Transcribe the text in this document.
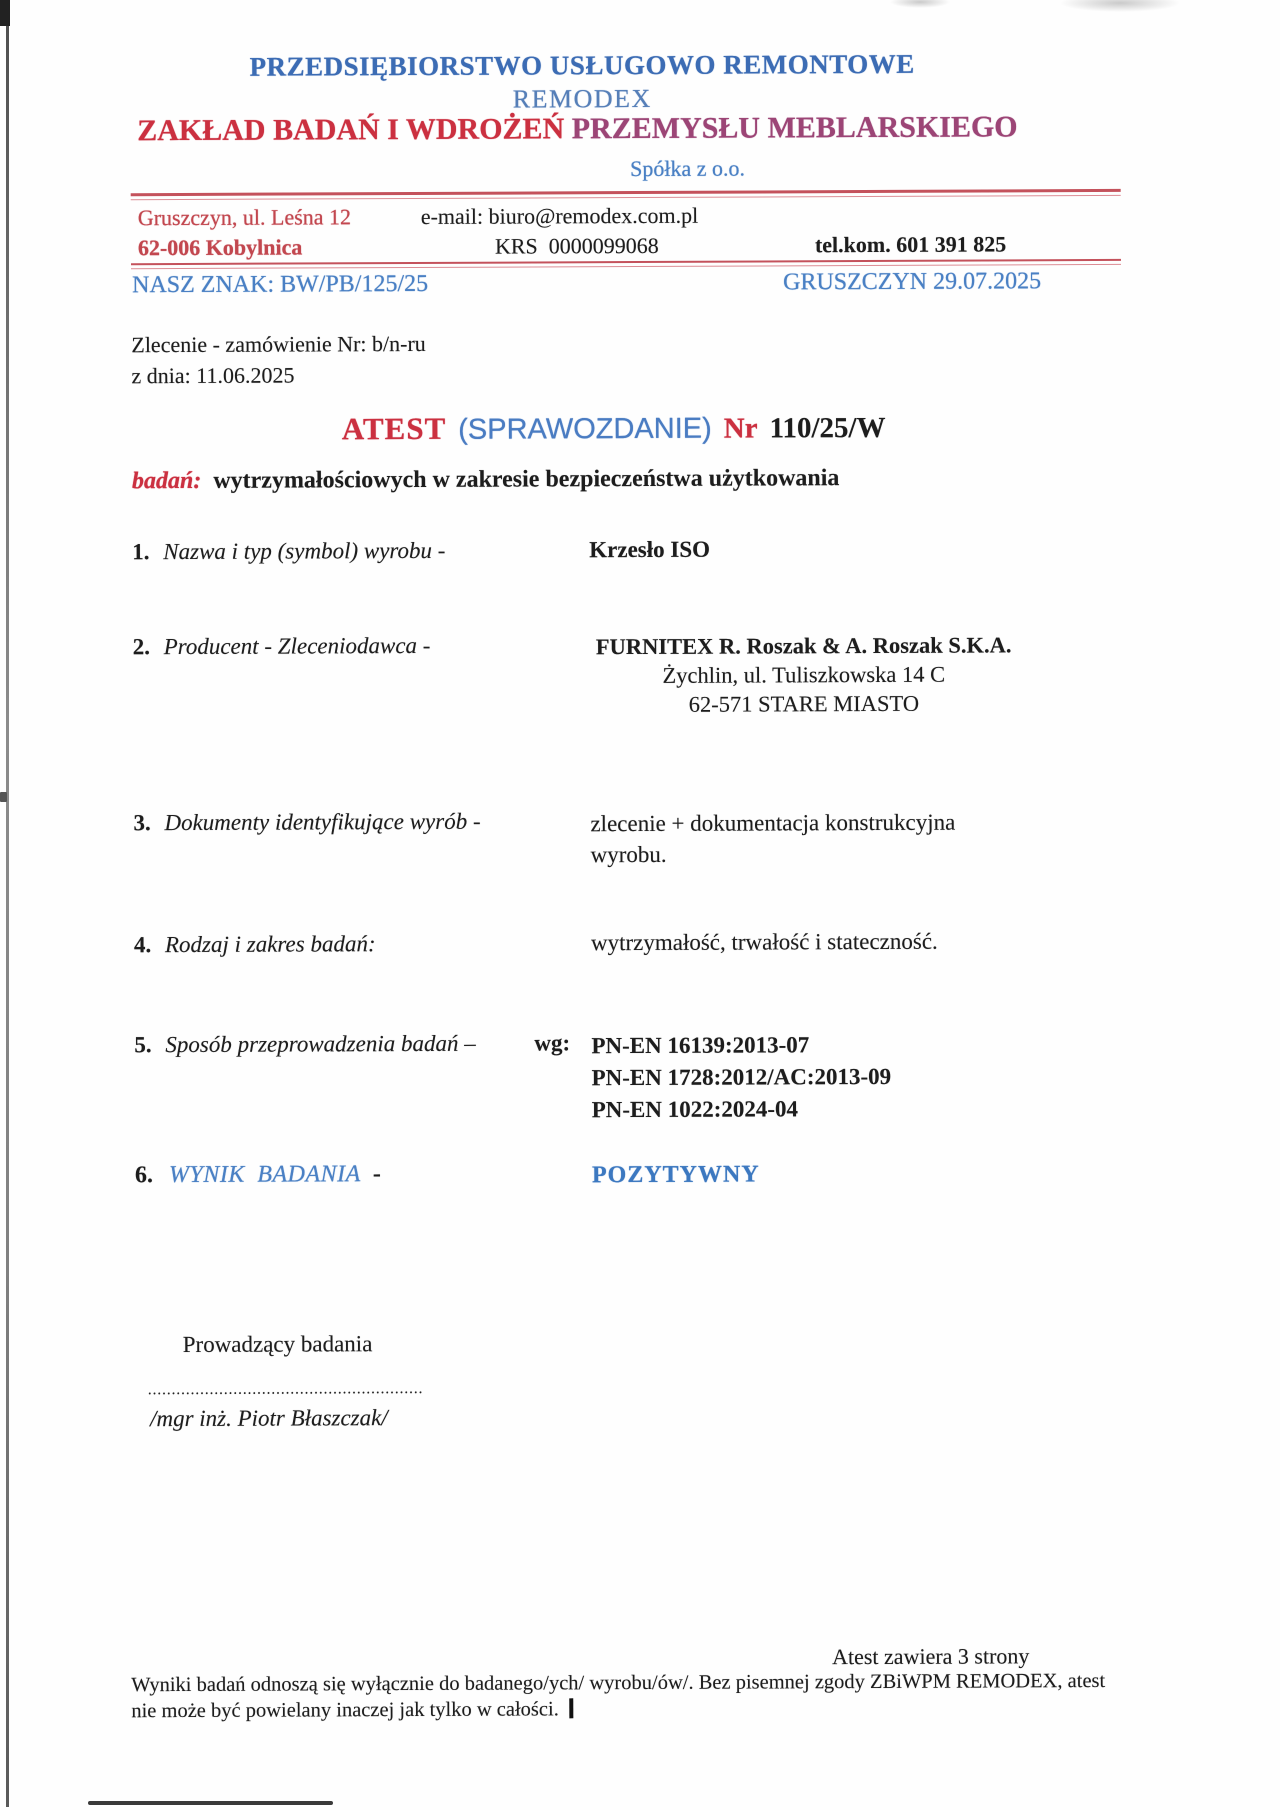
PRZEDSIĘBIORSTWO USŁUGOWO REMONTOWE
REMODEX
ZAKŁAD BADAŃ I WDROŻEŃ PRZEMYSŁU MEBLARSKIEGO
Spółka z o.o.
Gruszczyn, ul. Leśna 12	e-mail: biuro@remodex.com.pl
62-006 Kobylnica	KRS  0000099068	tel.kom. 601 391 825
NASZ ZNAK: BW/PB/125/25	GRUSZCZYN 29.07.2025
Zlecenie - zamówienie Nr: b/n-ru
z dnia: 11.06.2025
ATEST (SPRAWOZDANIE) Nr 110/25/W
badań: wytrzymałościowych w zakresie bezpieczeństwa użytkowania
1. Nazwa i typ (symbol) wyrobu -	Krzesło ISO
2. Producent - Zleceniodawca -	FURNITEX R. Roszak & A. Roszak S.K.A.
Żychlin, ul. Tuliszkowska 14 C
62-571 STARE MIASTO
3. Dokumenty identyfikujące wyrób -	zlecenie + dokumentacja konstrukcyjna
wyrobu.
4. Rodzaj i zakres badań:	wytrzymałość, trwałość i stateczność.
5. Sposób przeprowadzenia badań –	wg: PN-EN 16139:2013-07
PN-EN 1728:2012/AC:2013-09
PN-EN 1022:2024-04
6. WYNIK BADANIA -	POZYTYWNY
Prowadzący badania
..........................................................
/mgr inż. Piotr Błaszczak/
Atest zawiera 3 strony
Wyniki badań odnoszą się wyłącznie do badanego/ych/ wyrobu/ów/. Bez pisemnej zgody ZBiWPM REMODEX, atest
nie może być powielany inaczej jak tylko w całości.
